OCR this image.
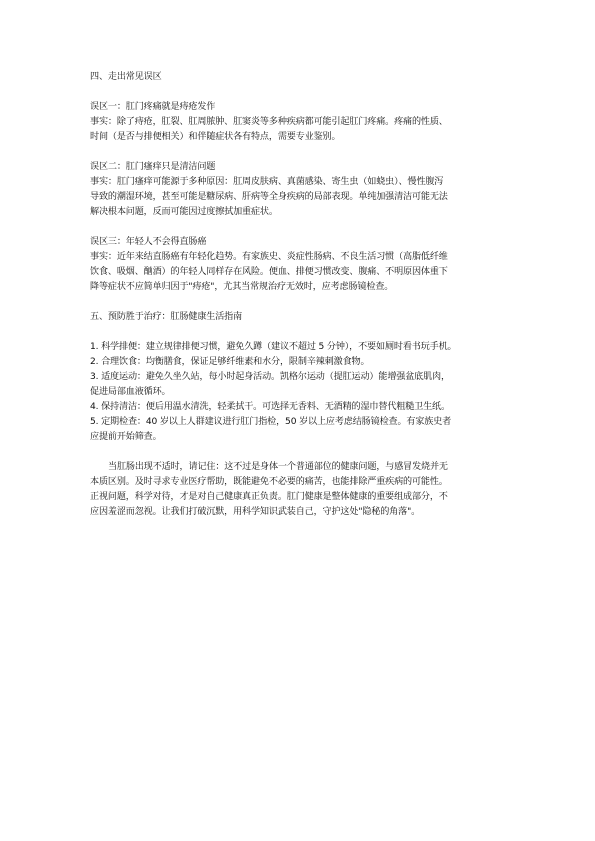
四、走出常见误区
误区一：肛门疼痛就是痔疮发作
事实：除了痔疮，肛裂、肛周脓肿、肛窦炎等多种疾病都可能引起肛门疼痛。疼痛的性质、
时间（是否与排便相关）和伴随症状各有特点，需要专业鉴别。
误区二：肛门瘙痒只是清洁问题
事实：肛门瘙痒可能源于多种原因：肛周皮肤病、真菌感染、寄生虫（如蛲虫）、慢性腹泻
导致的潮湿环境，甚至可能是糖尿病、肝病等全身疾病的局部表现。单纯加强清洁可能无法
解决根本问题，反而可能因过度擦拭加重症状。
误区三：年轻人不会得直肠癌
事实：近年来结直肠癌有年轻化趋势。有家族史、炎症性肠病、不良生活习惯（高脂低纤维
饮食、吸烟、酗酒）的年轻人同样存在风险。便血、排便习惯改变、腹痛、不明原因体重下
降等症状不应简单归因于"痔疮"，尤其当常规治疗无效时，应考虑肠镜检查。
五、预防胜于治疗：肛肠健康生活指南
1. 科学排便：建立规律排便习惯，避免久蹲（建议不超过 5 分钟），不要如厕时看书玩手机。
2. 合理饮食：均衡膳食，保证足够纤维素和水分，限制辛辣刺激食物。
3. 适度运动：避免久坐久站，每小时起身活动。凯格尔运动（提肛运动）能增强盆底肌肉，
促进局部血液循环。
4. 保持清洁：便后用温水清洗，轻柔拭干。可选择无香料、无酒精的湿巾替代粗糙卫生纸。
5. 定期检查：40 岁以上人群建议进行肛门指检，50 岁以上应考虑结肠镜检查。有家族史者
应提前开始筛查。
当肛肠出现不适时，请记住：这不过是身体一个普通部位的健康问题，与感冒发烧并无
本质区别。及时寻求专业医疗帮助，既能避免不必要的痛苦，也能排除严重疾病的可能性。
正视问题，科学对待，才是对自己健康真正负责。肛门健康是整体健康的重要组成部分，不
应因羞涩而忽视。让我们打破沉默，用科学知识武装自己，守护这处"隐秘的角落"。
